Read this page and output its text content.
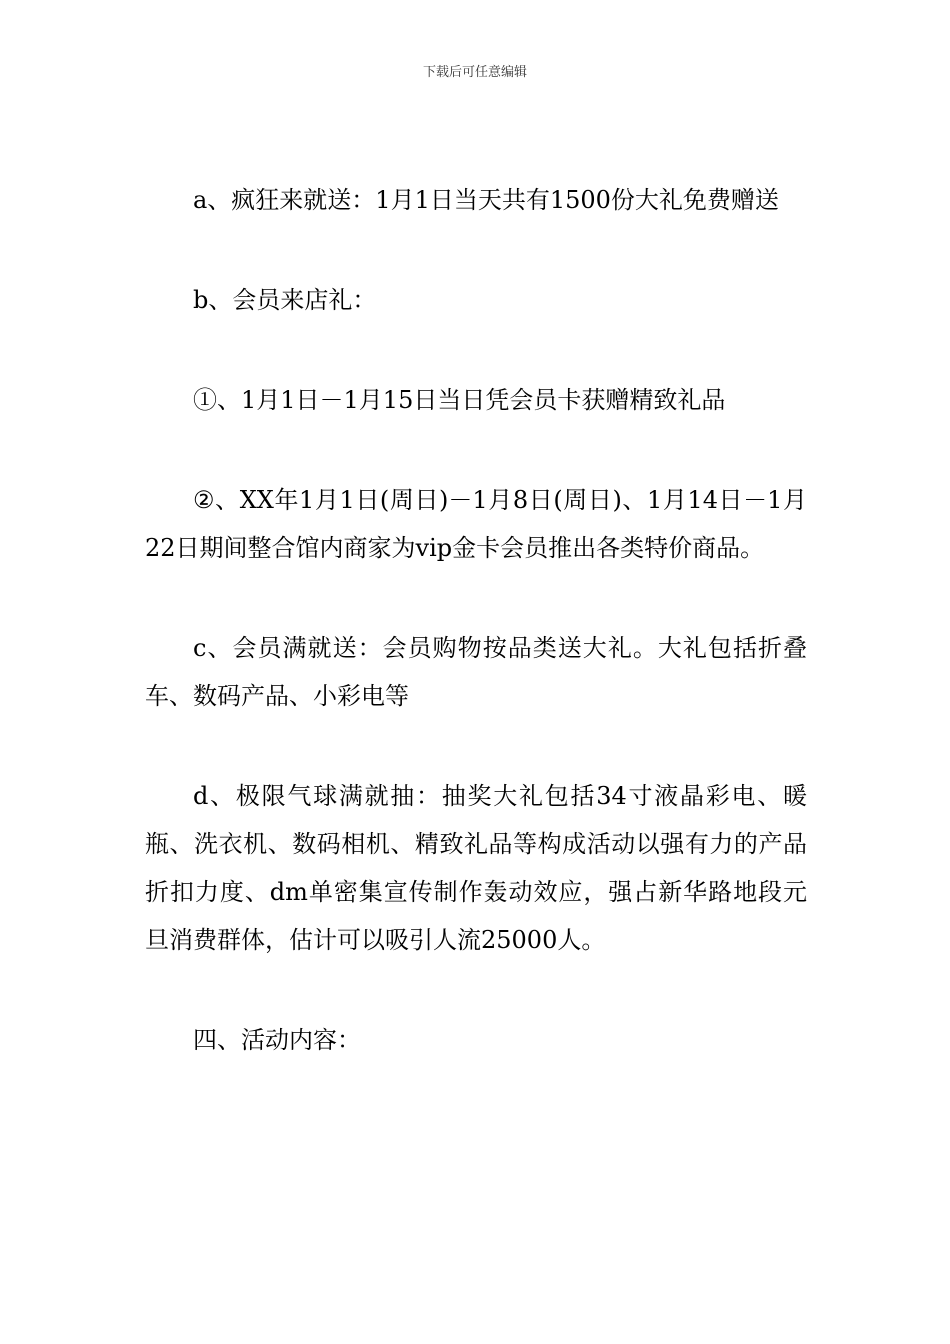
下载后可任意编辑

a、疯狂来就送：1月1日当天共有1500份大礼免费赠送

b、会员来店礼：

①、1月1日－1月15日当日凭会员卡获赠精致礼品

②、XX年1月1日(周日)－1月8日(周日)、1月14日－1月22日期间整合馆内商家为vip金卡会员推出各类特价商品。

c、会员满就送：会员购物按品类送大礼。大礼包括折叠车、数码产品、小彩电等

d、极限气球满就抽：抽奖大礼包括34寸液晶彩电、暖瓶、洗衣机、数码相机、精致礼品等构成活动以强有力的产品折扣力度、dm单密集宣传制作轰动效应，强占新华路地段元旦消费群体，估计可以吸引人流25000人。

四、活动内容：
